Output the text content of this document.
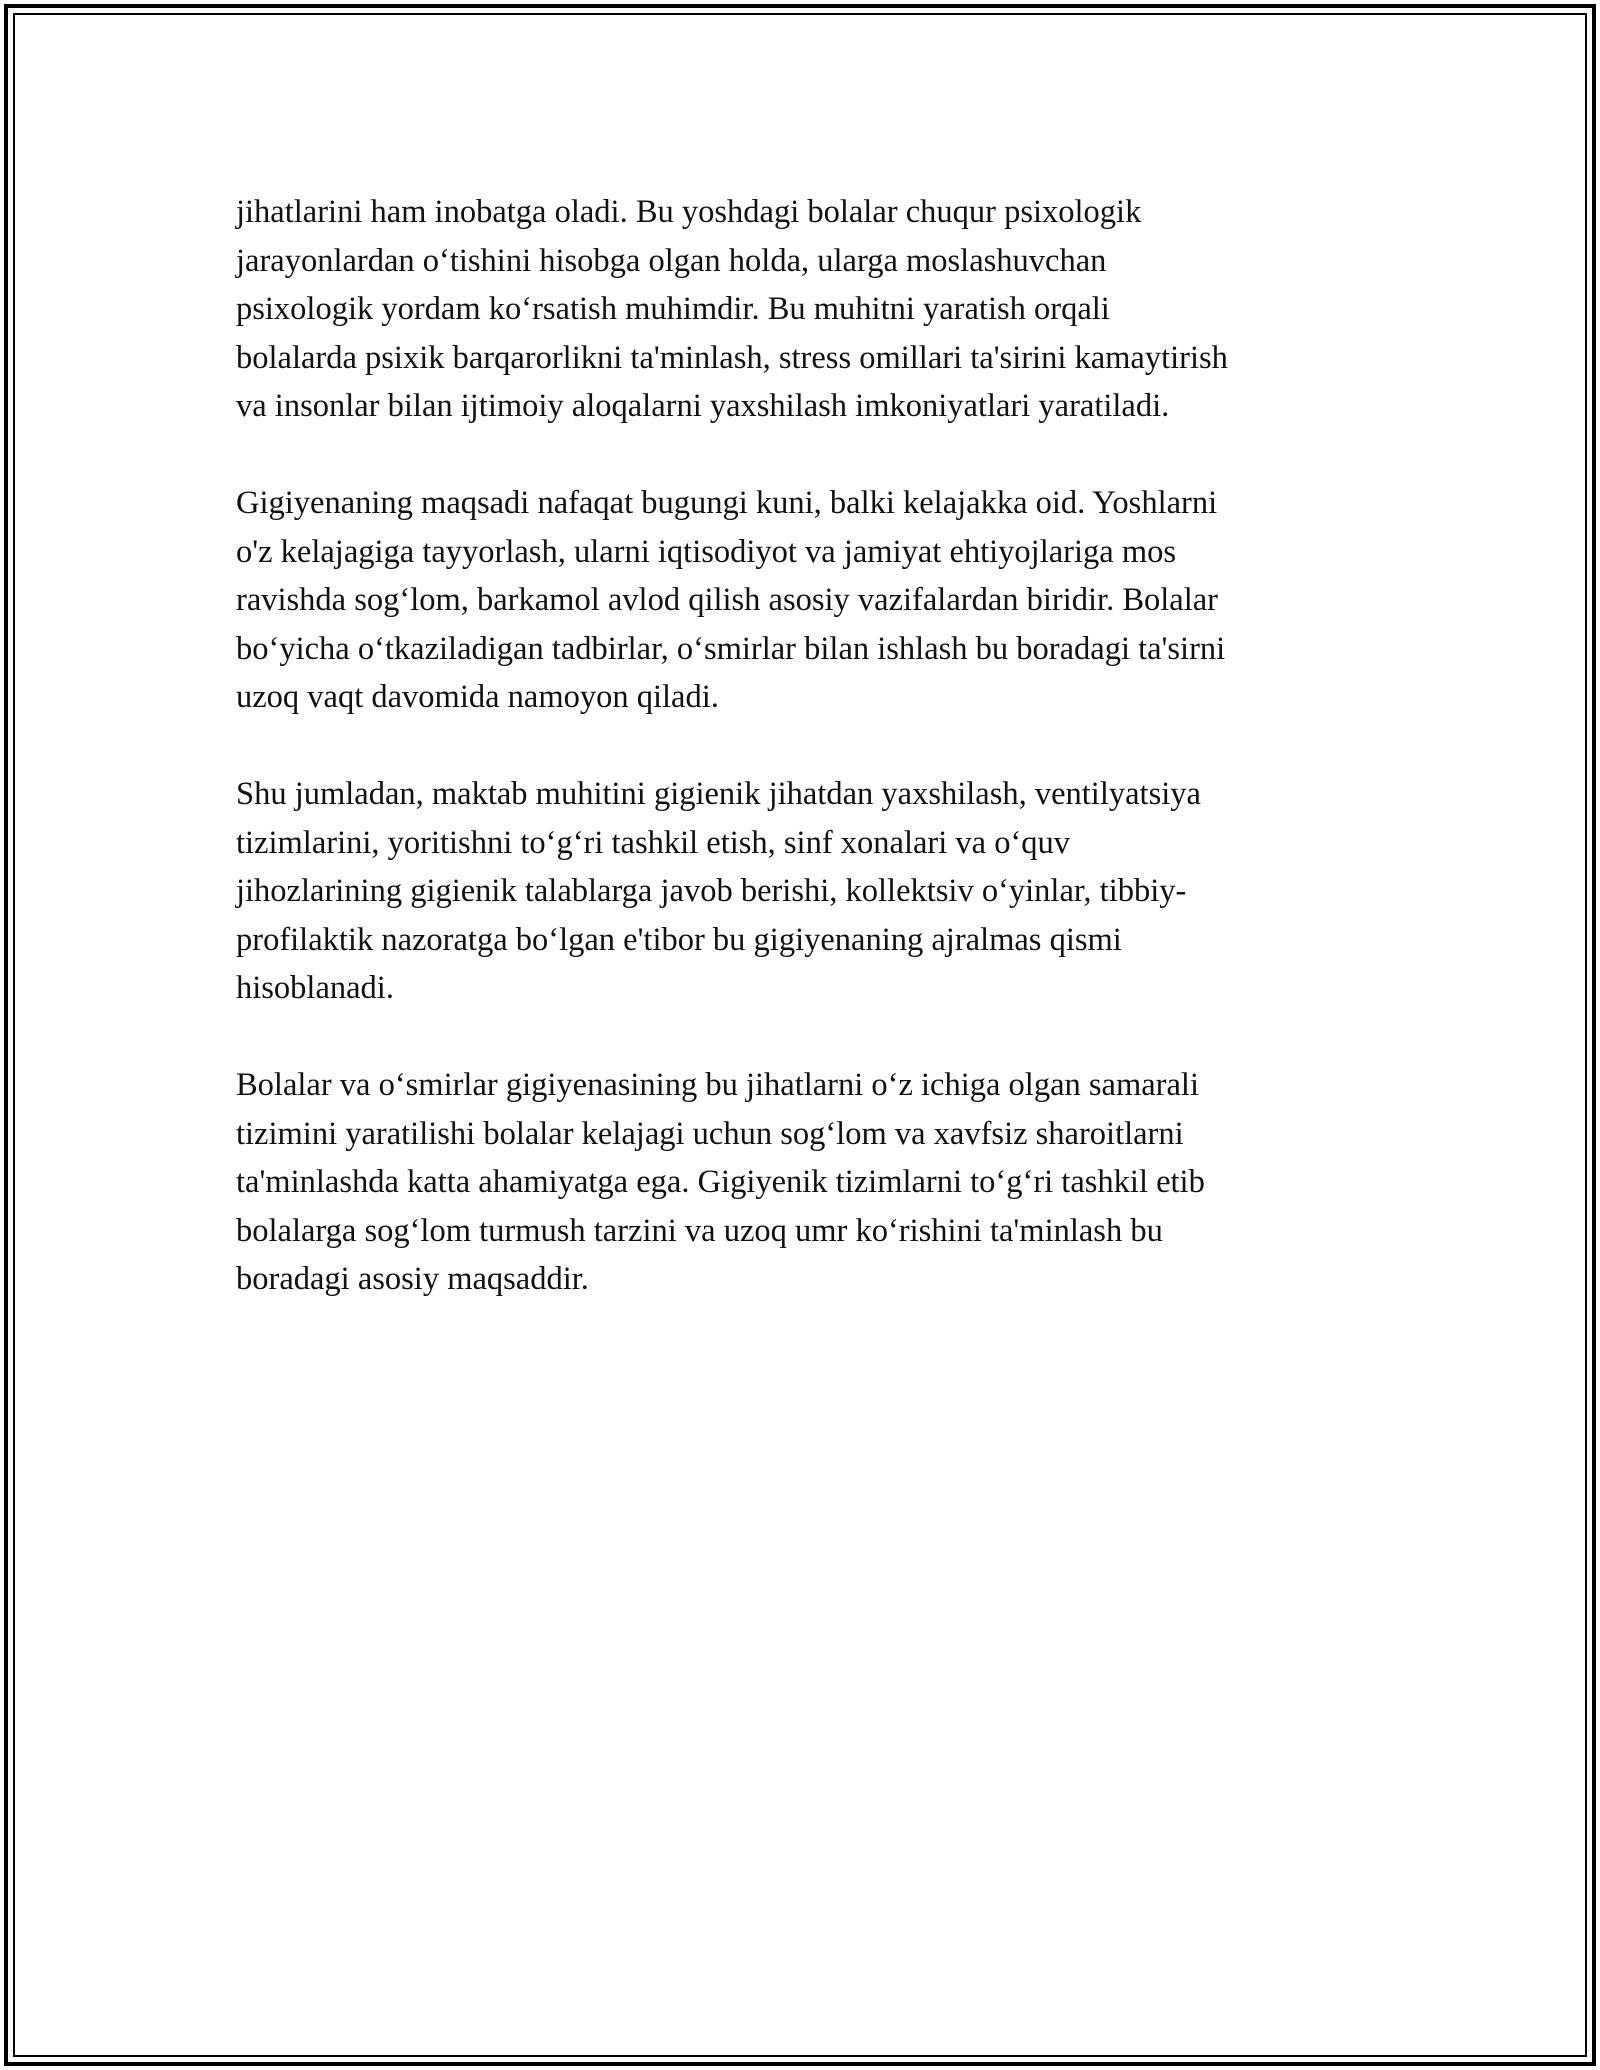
jihatlarini ham inobatga oladi. Bu yoshdagi bolalar chuqur psixologik
jarayonlardan o‘tishini hisobga olgan holda, ularga moslashuvchan
psixologik yordam ko‘rsatish muhimdir. Bu muhitni yaratish orqali
bolalarda psixik barqarorlikni ta'minlash, stress omillari ta'sirini kamaytirish
va insonlar bilan ijtimoiy aloqalarni yaxshilash imkoniyatlari yaratiladi.

Gigiyenaning maqsadi nafaqat bugungi kuni, balki kelajakka oid. Yoshlarni
o'z kelajagiga tayyorlash, ularni iqtisodiyot va jamiyat ehtiyojlariga mos
ravishda sog‘lom, barkamol avlod qilish asosiy vazifalardan biridir. Bolalar
bo‘yicha o‘tkaziladigan tadbirlar, o‘smirlar bilan ishlash bu boradagi ta'sirni
uzoq vaqt davomida namoyon qiladi.

Shu jumladan, maktab muhitini gigienik jihatdan yaxshilash, ventilyatsiya
tizimlarini, yoritishni to‘g‘ri tashkil etish, sinf xonalari va o‘quv
jihozlarining gigienik talablarga javob berishi, kollektsiv o‘yinlar, tibbiy-
profilaktik nazoratga bo‘lgan e'tibor bu gigiyenaning ajralmas qismi
hisoblanadi.

Bolalar va o‘smirlar gigiyenasining bu jihatlarni o‘z ichiga olgan samarali
tizimini yaratilishi bolalar kelajagi uchun sog‘lom va xavfsiz sharoitlarni
ta'minlashda katta ahamiyatga ega. Gigiyenik tizimlarni to‘g‘ri tashkil etib
bolalarga sog‘lom turmush tarzini va uzoq umr ko‘rishini ta'minlash bu
boradagi asosiy maqsaddir.
